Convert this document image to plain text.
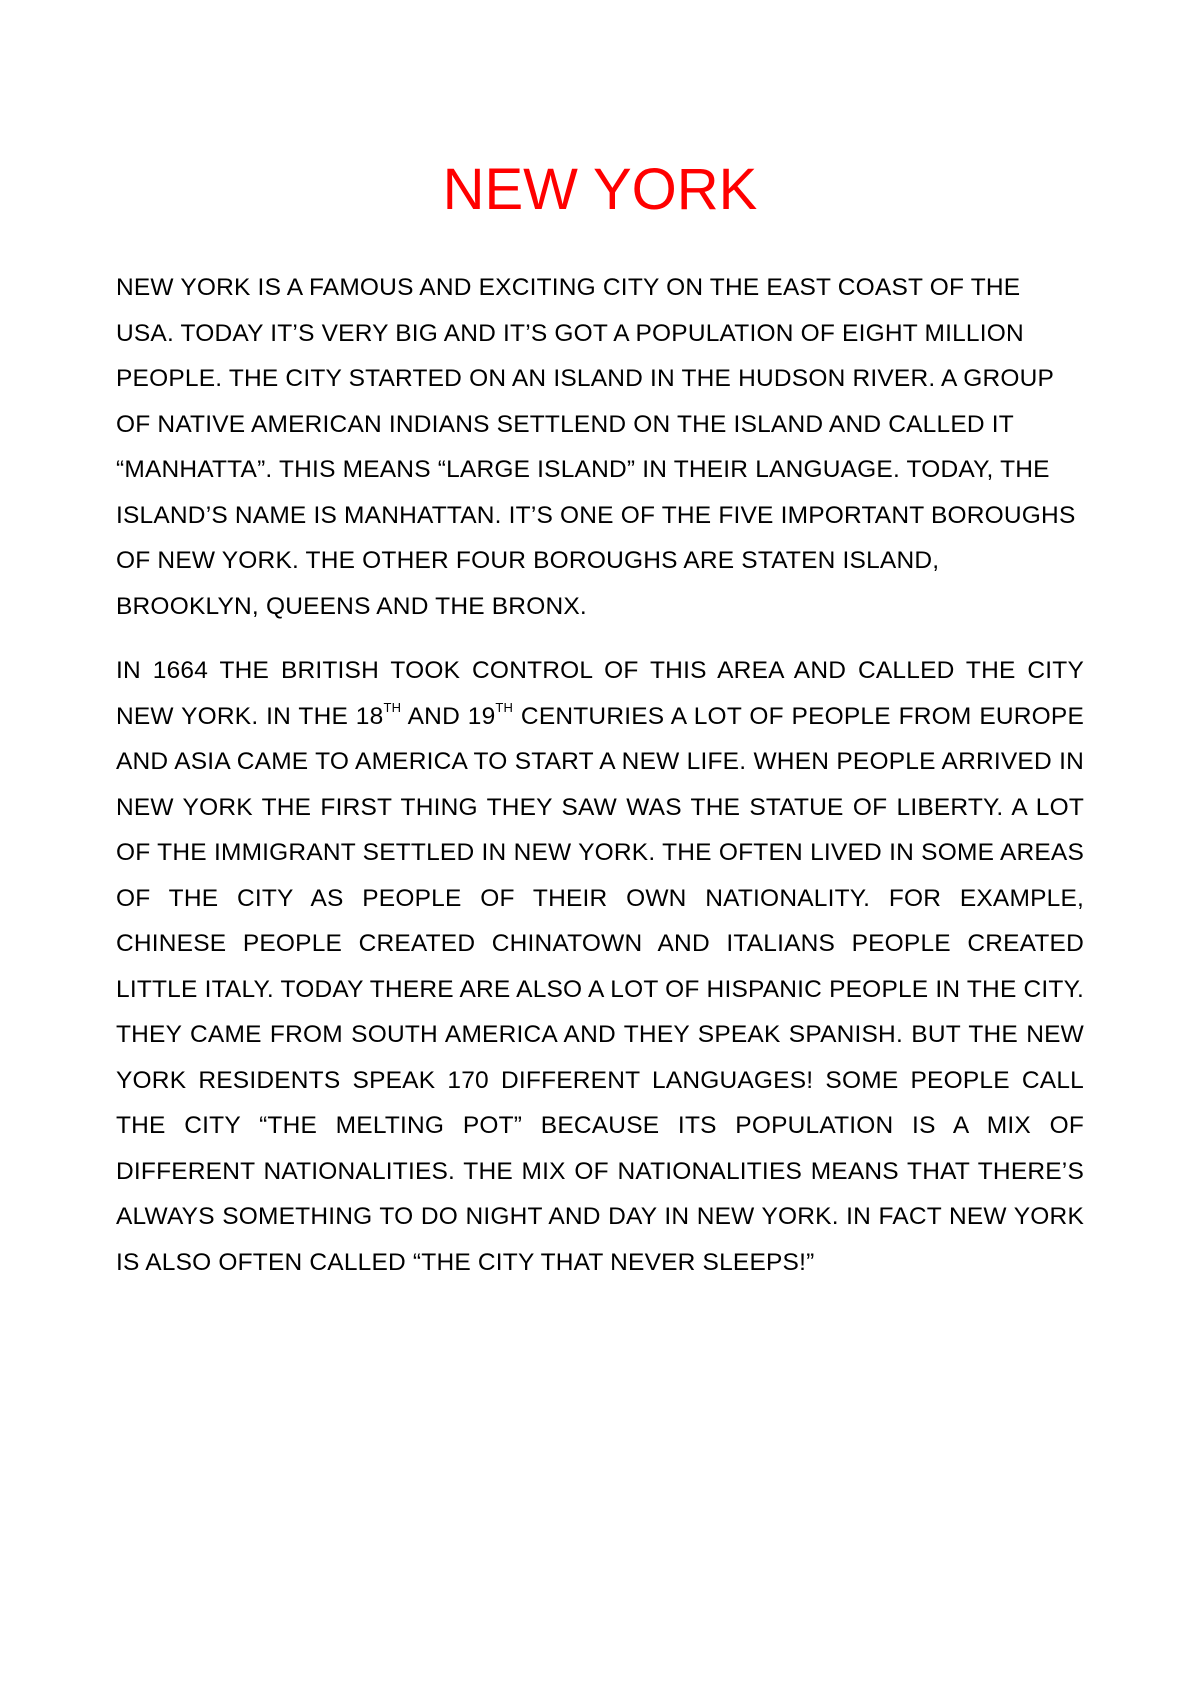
NEW YORK

NEW YORK IS A FAMOUS AND EXCITING CITY ON THE EAST COAST OF THE USA. TODAY IT’S VERY BIG AND IT’S GOT A POPULATION OF EIGHT MILLION PEOPLE. THE CITY STARTED ON AN ISLAND IN THE HUDSON RIVER. A GROUP OF NATIVE AMERICAN INDIANS SETTLEND ON THE ISLAND AND CALLED IT “MANHATTA”. THIS MEANS “LARGE ISLAND” IN THEIR LANGUAGE. TODAY, THE ISLAND’S NAME IS MANHATTAN. IT’S ONE OF THE FIVE IMPORTANT BOROUGHS OF NEW YORK. THE OTHER FOUR BOROUGHS ARE STATEN ISLAND, BROOKLYN, QUEENS AND THE BRONX.

IN 1664 THE BRITISH TOOK CONTROL OF THIS AREA AND CALLED THE CITY NEW YORK. IN THE 18TH AND 19TH CENTURIES A LOT OF PEOPLE FROM EUROPE AND ASIA CAME TO AMERICA TO START A NEW LIFE. WHEN PEOPLE ARRIVED IN NEW YORK THE FIRST THING THEY SAW WAS THE STATUE OF LIBERTY. A LOT OF THE IMMIGRANT SETTLED IN NEW YORK. THE OFTEN LIVED IN SOME AREAS OF THE CITY AS PEOPLE OF THEIR OWN NATIONALITY. FOR EXAMPLE, CHINESE PEOPLE CREATED CHINATOWN AND ITALIANS PEOPLE CREATED LITTLE ITALY. TODAY THERE ARE ALSO A LOT OF HISPANIC PEOPLE IN THE CITY. THEY CAME FROM SOUTH AMERICA AND THEY SPEAK SPANISH. BUT THE NEW YORK RESIDENTS SPEAK 170 DIFFERENT LANGUAGES! SOME PEOPLE CALL THE CITY “THE MELTING POT” BECAUSE ITS POPULATION IS A MIX OF DIFFERENT NATIONALITIES. THE MIX OF NATIONALITIES MEANS THAT THERE’S ALWAYS SOMETHING TO DO NIGHT AND DAY IN NEW YORK. IN FACT NEW YORK IS ALSO OFTEN CALLED “THE CITY THAT NEVER SLEEPS!”
